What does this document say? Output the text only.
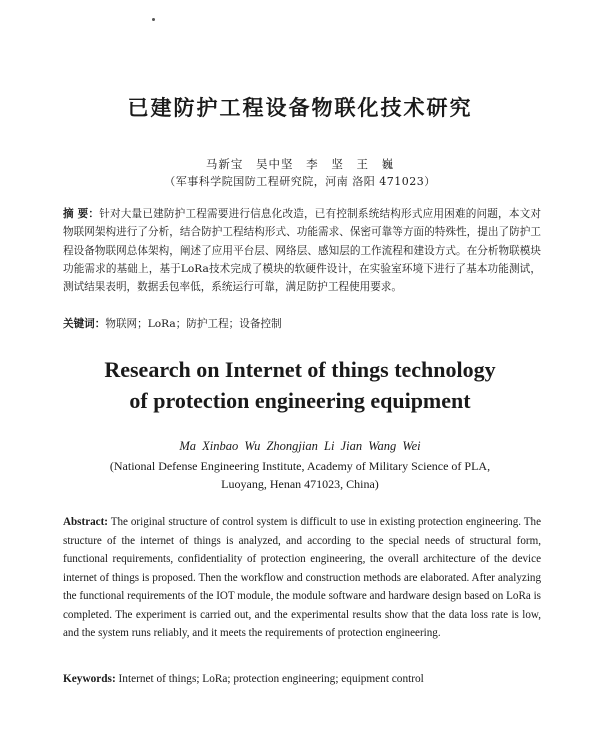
已建防护工程设备物联化技术研究
马新宝 吴中坚 李 坚 王 巍
（军事科学院国防工程研究院，河南 洛阳 471023）
摘 要：针对大量已建防护工程需要进行信息化改造，已有控制系统结构形式应用困难的问题，本文对物联网架构进行了分析，结合防护工程结构形式、功能需求、保密可靠等方面的特殊性，提出了防护工程设备物联网总体架构，阐述了应用平台层、网络层、感知层的工作流程和建设方式。在分析物联模块功能需求的基础上，基于LoRa技术完成了模块的软硬件设计，在实验室环境下进行了基本功能测试，测试结果表明，数据丢包率低，系统运行可靠，满足防护工程使用要求。
关键词：物联网；LoRa；防护工程；设备控制
Research on Internet of things technology
of protection engineering equipment
Ma Xinbao Wu Zhongjian Li Jian Wang Wei
(National Defense Engineering Institute, Academy of Military Science of PLA,
Luoyang, Henan 471023, China)
Abstract: The original structure of control system is difficult to use in existing protection engineering. The structure of the internet of things is analyzed, and according to the special needs of structural form, functional requirements, confidentiality of protection engineering, the overall architecture of the device internet of things is proposed. Then the workflow and construction methods are elaborated. After analyzing the functional requirements of the IOT module, the module software and hardware design based on LoRa is completed. The experiment is carried out, and the experimental results show that the data loss rate is low, and the system runs reliably, and it meets the requirements of protection engineering.
Keywords: Internet of things; LoRa; protection engineering; equipment control
